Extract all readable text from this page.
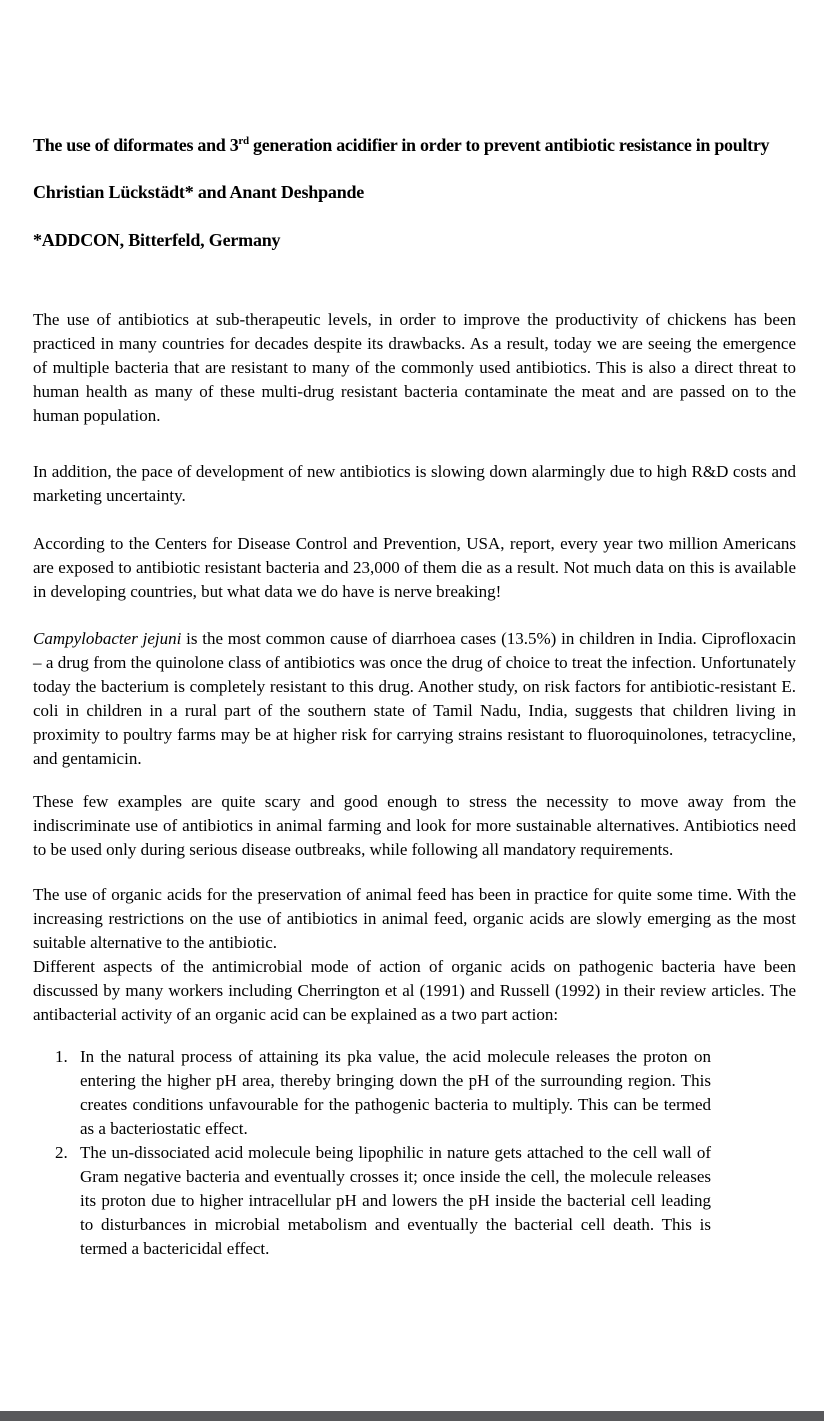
The use of diformates and 3rd generation acidifier in order to prevent antibiotic resistance in poultry

Christian Lückstädt* and Anant Deshpande

*ADDCON, Bitterfeld, Germany

The use of antibiotics at sub-therapeutic levels, in order to improve the productivity of chickens has been practiced in many countries for decades despite its drawbacks. As a result, today we are seeing the emergence of multiple bacteria that are resistant to many of the commonly used antibiotics. This is also a direct threat to human health as many of these multi-drug resistant bacteria contaminate the meat and are passed on to the human population.

In addition, the pace of development of new antibiotics is slowing down alarmingly due to high R&D costs and marketing uncertainty.

According to the Centers for Disease Control and Prevention, USA, report, every year two million Americans are exposed to antibiotic resistant bacteria and 23,000 of them die as a result. Not much data on this is available in developing countries, but what data we do have is nerve breaking!

Campylobacter jejuni is the most common cause of diarrhoea cases (13.5%) in children in India. Ciprofloxacin – a drug from the quinolone class of antibiotics was once the drug of choice to treat the infection. Unfortunately today the bacterium is completely resistant to this drug. Another study, on risk factors for antibiotic-resistant E. coli in children in a rural part of the southern state of Tamil Nadu, India, suggests that children living in proximity to poultry farms may be at higher risk for carrying strains resistant to fluoroquinolones, tetracycline, and gentamicin.

These few examples are quite scary and good enough to stress the necessity to move away from the indiscriminate use of antibiotics in animal farming and look for more sustainable alternatives. Antibiotics need to be used only during serious disease outbreaks, while following all mandatory requirements.

The use of organic acids for the preservation of animal feed has been in practice for quite some time. With the increasing restrictions on the use of antibiotics in animal feed, organic acids are slowly emerging as the most suitable alternative to the antibiotic.

Different aspects of the antimicrobial mode of action of organic acids on pathogenic bacteria have been discussed by many workers including Cherrington et al (1991) and Russell (1992) in their review articles. The antibacterial activity of an organic acid can be explained as a two part action:

1. In the natural process of attaining its pka value, the acid molecule releases the proton on entering the higher pH area, thereby bringing down the pH of the surrounding region. This creates conditions unfavourable for the pathogenic bacteria to multiply. This can be termed as a bacteriostatic effect.
2. The un-dissociated acid molecule being lipophilic in nature gets attached to the cell wall of Gram negative bacteria and eventually crosses it; once inside the cell, the molecule releases its proton due to higher intracellular pH and lowers the pH inside the bacterial cell leading to disturbances in microbial metabolism and eventually the bacterial cell death. This is termed a bactericidal effect.
